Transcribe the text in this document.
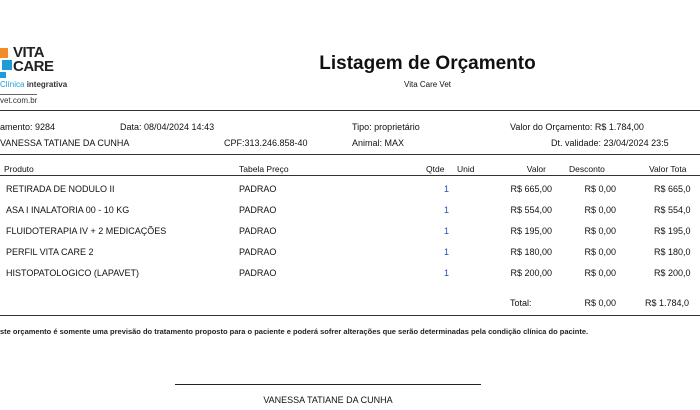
VITA
CARE
Clínica integrativa
vet.com.br
Listagem de Orçamento
Vita Care Vet
amento: 9284	Data: 08/04/2024 14:43	Tipo: proprietário	Valor do Orçamento: R$ 1.784,00
VANESSA TATIANE DA CUNHA	CPF:313.246.858-40	Animal: MAX	Dt. validade: 23/04/2024 23:5
Produto	Tabela Preço	Qtde Unid	Valor	Desconto	Valor Tota
RETIRADA DE NODULO II	PADRAO	1	R$ 665,00	R$ 0,00	R$ 665,0
ASA I INALATORIA 00 - 10 KG	PADRAO	1	R$ 554,00	R$ 0,00	R$ 554,0
FLUIDOTERAPIA IV + 2 MEDICAÇÕES	PADRAO	1	R$ 195,00	R$ 0,00	R$ 195,0
PERFIL VITA CARE 2	PADRAO	1	R$ 180,00	R$ 0,00	R$ 180,0
HISTOPATOLOGICO (LAPAVET)	PADRAO	1	R$ 200,00	R$ 0,00	R$ 200,0
Total:	R$ 0,00	R$ 1.784,0
ste orçamento é somente uma previsão do tratamento proposto para o paciente e poderá sofrer alterações que serão determinadas pela condição clínica do pacinte.
VANESSA TATIANE DA CUNHA
